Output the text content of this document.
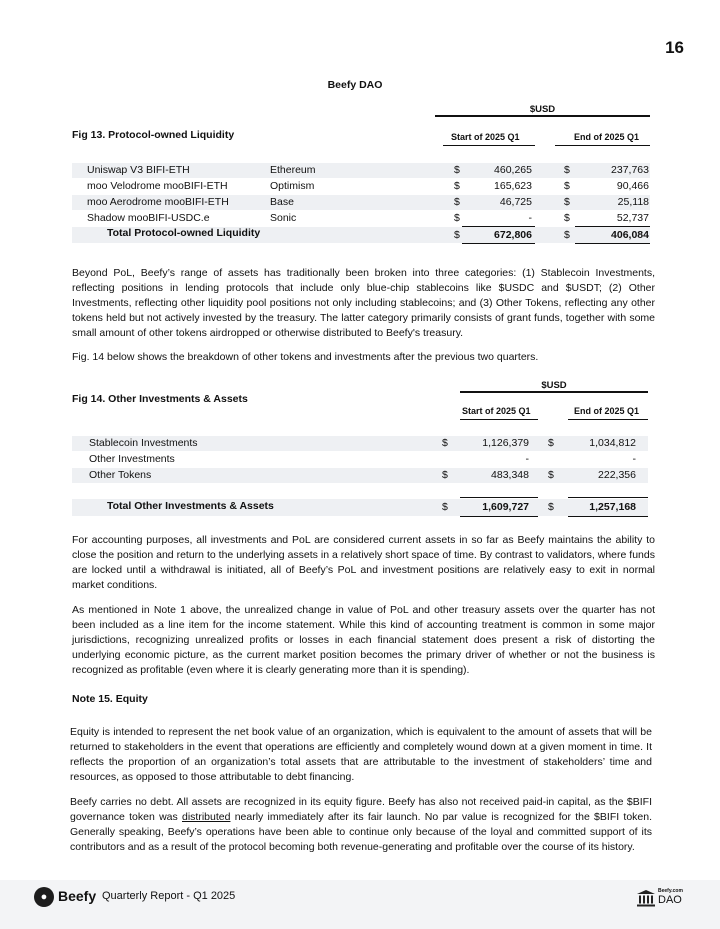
16
Beefy DAO
$USD
Fig 13. Protocol-owned Liquidity	Start of 2025 Q1	End of 2025 Q1
Uniswap V3 BIFI-ETH	Ethereum	$	460,265	$	237,763
moo Velodrome mooBIFI-ETH	Optimism	$	165,623	$	90,466
moo Aerodrome mooBIFI-ETH	Base	$	46,725	$	25,118
Shadow mooBIFI-USDC.e	Sonic	$	-	$	52,737
Total Protocol-owned Liquidity	$	672,806	$	406,084

Beyond PoL, Beefy’s range of assets has traditionally been broken into three categories: (1) Stablecoin Investments, reflecting positions in lending protocols that include only blue-chip stablecoins like $USDC and $USDT; (2) Other Investments, reflecting other liquidity pool positions not only including stablecoins; and (3) Other Tokens, reflecting any other tokens held but not actively invested by the treasury. The latter category primarily consists of grant funds, together with some small amount of other tokens airdropped or otherwise distributed to Beefy's treasury.

Fig. 14 below shows the breakdown of other tokens and investments after the previous two quarters.

$USD
Fig 14. Other Investments & Assets
Start of 2025 Q1	End of 2025 Q1
Stablecoin Investments	$	1,126,379 $	1,034,812
Other Investments	-	-
Other Tokens	$	483,348 $	222,356
Total Other Investments & Assets	$	1,609,727 $	1,257,168

For accounting purposes, all investments and PoL are considered current assets in so far as Beefy maintains the ability to close the position and return to the underlying assets in a relatively short space of time. By contrast to validators, where funds are locked until a withdrawal is initiated, all of Beefy’s PoL and investment positions are relatively easy to exit in normal market conditions.

As mentioned in Note 1 above, the unrealized change in value of PoL and other treasury assets over the quarter has not been included as a line item for the income statement. While this kind of accounting treatment is common in some major jurisdictions, recognizing unrealized profits or losses in each financial statement does present a risk of distorting the underlying economic picture, as the current market position becomes the primary driver of whether or not the business is recognized as profitable (even where it is clearly generating more than it is spending).

Note 15. Equity

Equity is intended to represent the net book value of an organization, which is equivalent to the amount of assets that will be returned to stakeholders in the event that operations are efficiently and completely wound down at a given moment in time. It reflects the proportion of an organization’s total assets that are attributable to the investment of stakeholders’ time and resources, as opposed to those attributable to debt financing.

Beefy carries no debt. All assets are recognized in its equity figure. Beefy has also not received paid-in capital, as the $BIFI governance token was distributed nearly immediately after its fair launch. No par value is recognized for the $BIFI token. Generally speaking, Beefy’s operations have been able to continue only because of the loyal and committed support of its contributors and as a result of the protocol becoming both revenue-generating and profitable over the course of its history.

● Beefy Quarterly Report - Q1 2025	Beefy.com
DAO
